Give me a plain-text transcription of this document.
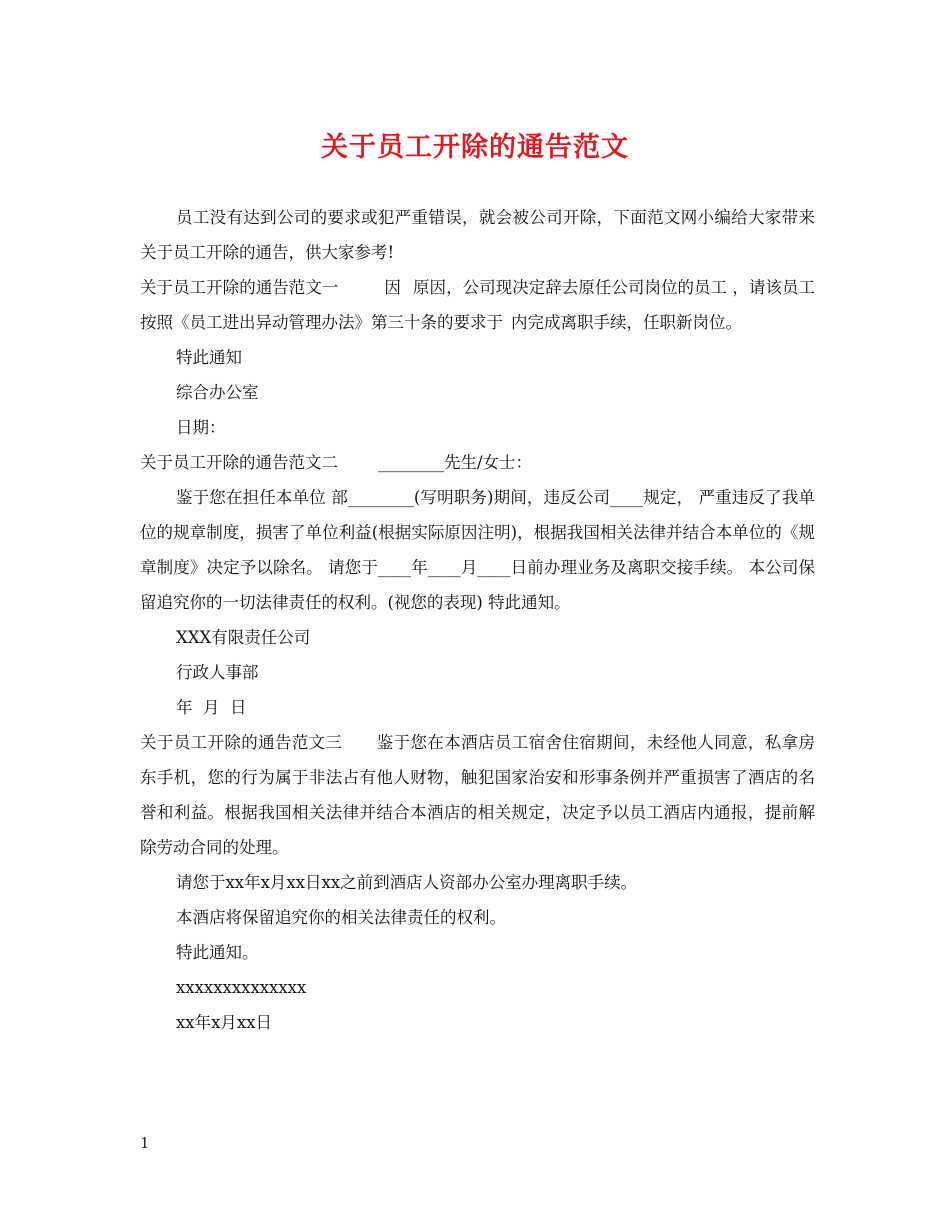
关于员工开除的通告范文

员工没有达到公司的要求或犯严重错误，就会被公司开除，下面范文网小编给大家带来关于员工开除的通告，供大家参考!

关于员工开除的通告范文一	因 原因，公司现决定辞去原任公司岗位的员工 ，请该员工按照《员工进出异动管理办法》第三十条的要求于 内完成离职手续，任职新岗位。

特此通知

综合办公室

日期：

关于员工开除的通告范文二 ________先生/女士：

鉴于您在担任本单位 部________(写明职务)期间，违反公司____规定， 严重违反了我单位的规章制度，损害了单位利益(根据实际原因注明)，根据我国相关法律并结合本单位的《规章制度》决定予以除名。 请您于____年____月____日前办理业务及离职交接手续。 本公司保留追究你的一切法律责任的权利。(视您的表现) 特此通知。

XXX有限责任公司

行政人事部

年  月  日

关于员工开除的通告范文三 鉴于您在本酒店员工宿舍住宿期间，未经他人同意，私拿房东手机，您的行为属于非法占有他人财物，触犯国家治安和形事条例并严重损害了酒店的名誉和利益。根据我国相关法律并结合本酒店的相关规定，决定予以员工酒店内通报，提前解除劳动合同的处理。

请您于xx年x月xx日xx之前到酒店人资部办公室办理离职手续。

本酒店将保留追究你的相关法律责任的权利。

特此通知。

xxxxxxxxxxxxxx

xx年x月xx日

1
